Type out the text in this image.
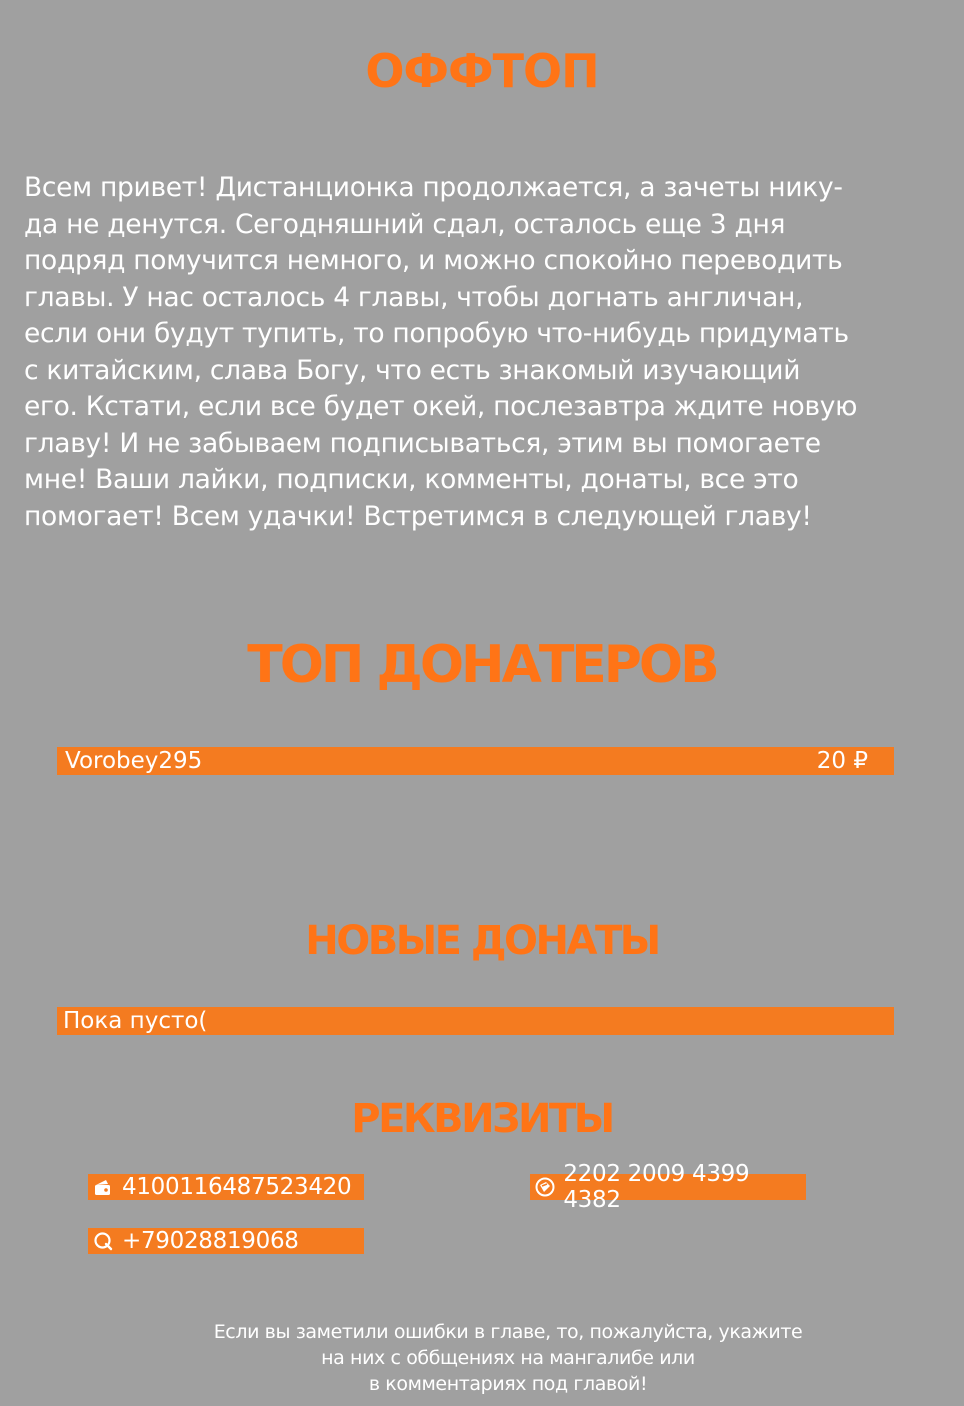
ОФФТОП
Всем привет! Дистанционка продолжается, а зачеты нику-
да не денутся. Сегодняшний сдал, осталось еще 3 дня
подряд помучится немного, и можно спокойно переводить
главы. У нас осталось 4 главы, чтобы догнать англичан,
если они будут тупить, то попробую что-нибудь придумать
с китайским, слава Богу, что есть знакомый изучающий
его. Кстати, если все будет окей, послезавтра ждите новую
главу! И не забываем подписываться, этим вы помогаете
мне! Ваши лайки, подписки, комменты, донаты, все это
помогает! Всем удачки! Встретимся в следующей главу!
ТОП ДОНАТЕРОВ
Vorobey295	20 ₽
НОВЫЕ ДОНАТЫ
Пока пусто(
РЕКВИЗИТЫ
4100116487523420	2202 2009 4399 4382
+79028819068
Если вы заметили ошибки в главе, то, пожалуйста, укажите
на них с оббщениях на мангалибе или
в комментариях под главой!
